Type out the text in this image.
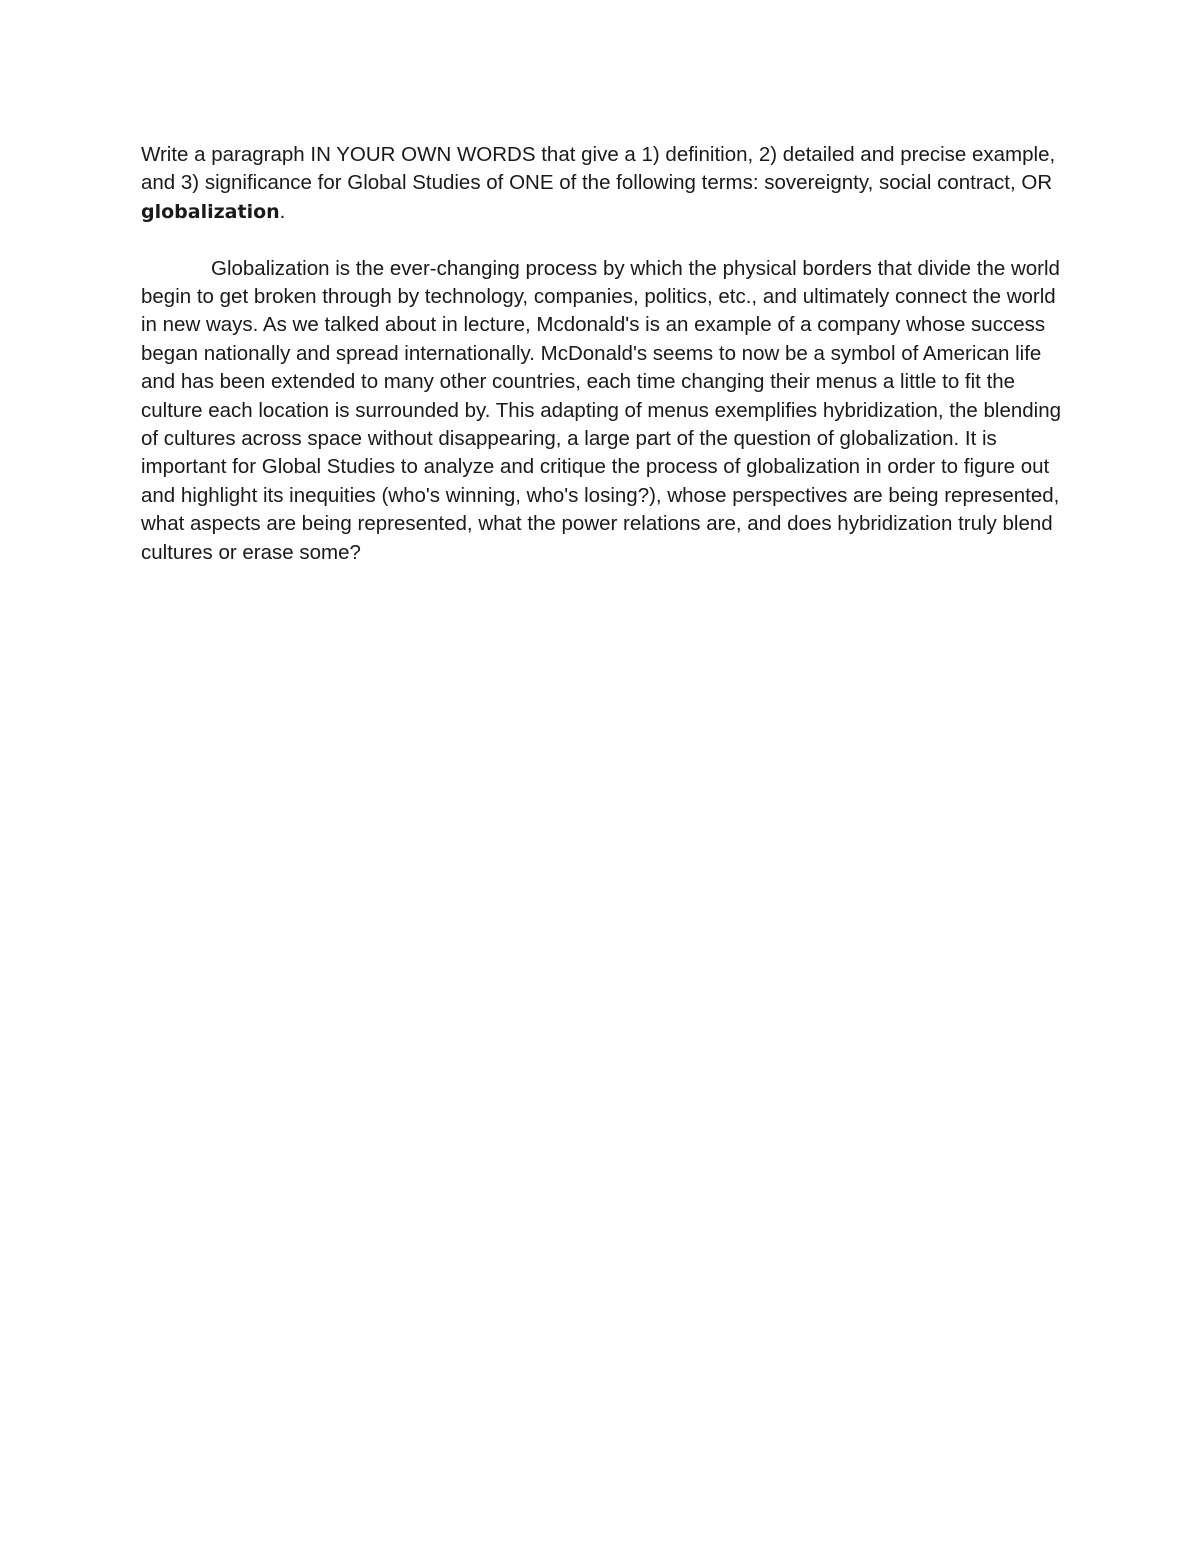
Write a paragraph IN YOUR OWN WORDS that give a 1) definition, 2) detailed and precise example, and 3) significance for Global Studies of ONE of the following terms: sovereignty, social contract, OR globalization.

Globalization is the ever-changing process by which the physical borders that divide the world begin to get broken through by technology, companies, politics, etc., and ultimately connect the world in new ways. As we talked about in lecture, Mcdonald's is an example of a company whose success began nationally and spread internationally. McDonald's seems to now be a symbol of American life and has been extended to many other countries, each time changing their menus a little to fit the culture each location is surrounded by. This adapting of menus exemplifies hybridization, the blending of cultures across space without disappearing, a large part of the question of globalization. It is important for Global Studies to analyze and critique the process of globalization in order to figure out and highlight its inequities (who's winning, who's losing?), whose perspectives are being represented, what aspects are being represented, what the power relations are, and does hybridization truly blend cultures or erase some?
